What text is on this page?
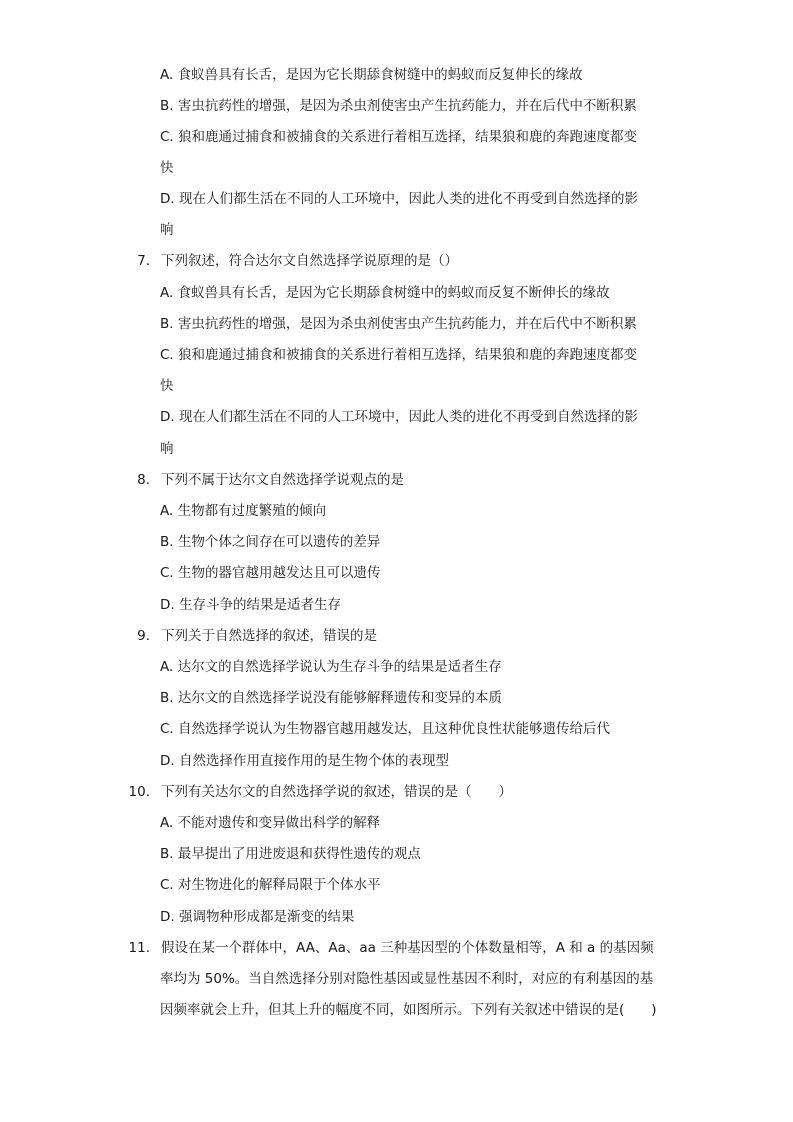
A. 食蚁兽具有长舌，是因为它长期舔食树缝中的蚂蚁而反复伸长的缘故
B. 害虫抗药性的增强，是因为杀虫剂使害虫产生抗药能力，并在后代中不断积累
C. 狼和鹿通过捕食和被捕食的关系进行着相互选择，结果狼和鹿的奔跑速度都变
快
D. 现在人们都生活在不同的人工环境中，因此人类的进化不再受到自然选择的影
响
7. 下列叙述，符合达尔文自然选择学说原理的是（）
A. 食蚁兽具有长舌，是因为它长期舔食树缝中的蚂蚁而反复不断伸长的缘故
B. 害虫抗药性的增强，是因为杀虫剂使害虫产生抗药能力，并在后代中不断积累
C. 狼和鹿通过捕食和被捕食的关系进行着相互选择，结果狼和鹿的奔跑速度都变
快
D. 现在人们都生活在不同的人工环境中，因此人类的进化不再受到自然选择的影
响
8. 下列不属于达尔文自然选择学说观点的是
A. 生物都有过度繁殖的倾向
B. 生物个体之间存在可以遗传的差异
C. 生物的器官越用越发达且可以遗传
D. 生存斗争的结果是适者生存
9. 下列关于自然选择的叙述，错误的是
A. 达尔文的自然选择学说认为生存斗争的结果是适者生存
B. 达尔文的自然选择学说没有能够解释遗传和变异的本质
C. 自然选择学说认为生物器官越用越发达，且这种优良性状能够遗传给后代
D. 自然选择作用直接作用的是生物个体的表现型
10. 下列有关达尔文的自然选择学说的叙述，错误的是（　　）
A. 不能对遗传和变异做出科学的解释
B. 最早提出了用进废退和获得性遗传的观点
C. 对生物进化的解释局限于个体水平
D. 强调物种形成都是渐变的结果
11. 假设在某一个群体中，AA、Aa、aa 三种基因型的个体数量相等，A 和 a 的基因频
率均为 50%。当自然选择分别对隐性基因或显性基因不利时，对应的有利基因的基
因频率就会上升，但其上升的幅度不同，如图所示。下列有关叙述中错误的是(　　)
